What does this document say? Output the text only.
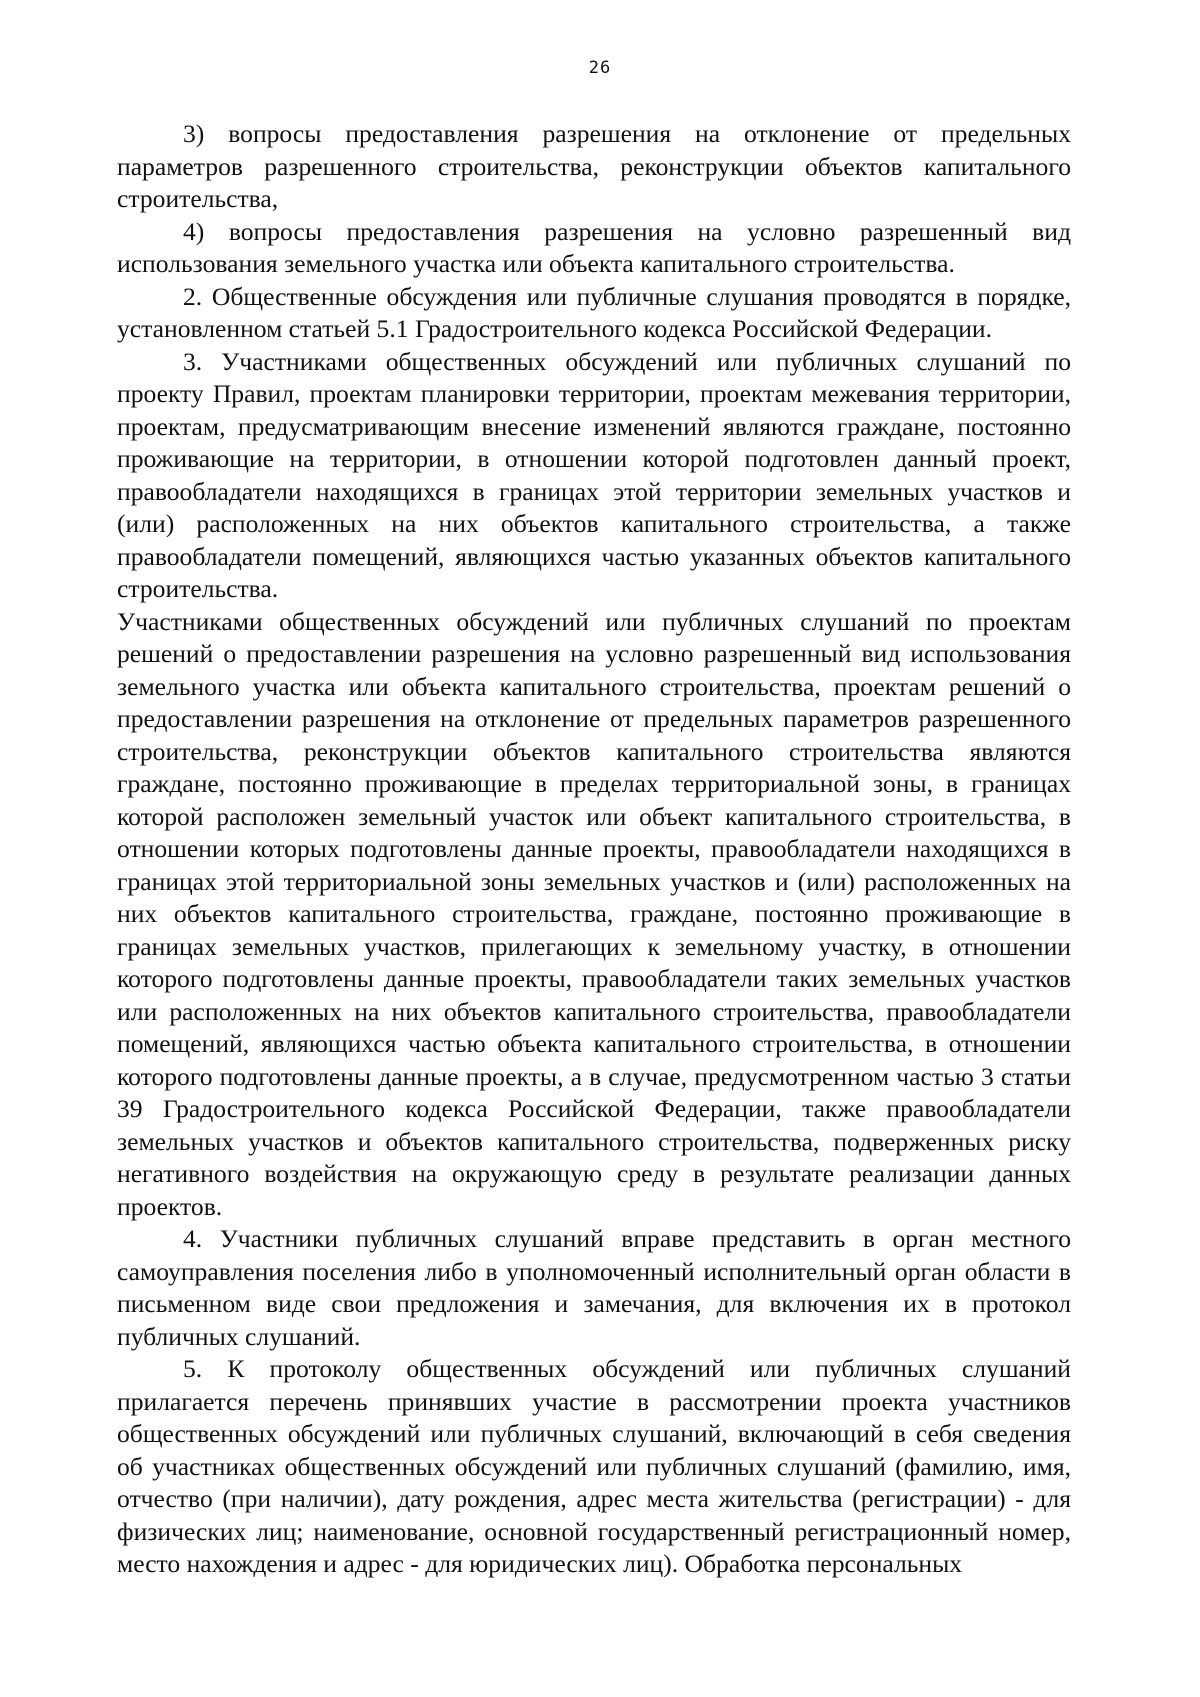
26

3) вопросы предоставления разрешения на отклонение от предельных параметров разрешенного строительства, реконструкции объектов капитального строительства,

4) вопросы предоставления разрешения на условно разрешенный вид использования земельного участка или объекта капитального строительства.

2. Общественные обсуждения или публичные слушания проводятся в порядке, установленном статьей 5.1 Градостроительного кодекса Российской Федерации.

3. Участниками общественных обсуждений или публичных слушаний по проекту Правил, проектам планировки территории, проектам межевания территории, проектам, предусматривающим внесение изменений являются граждане, постоянно проживающие на территории, в отношении которой подготовлен данный проект, правообладатели находящихся в границах этой территории земельных участков и (или) расположенных на них объектов капитального строительства, а также правообладатели помещений, являющихся частью указанных объектов капитального строительства.

Участниками общественных обсуждений или публичных слушаний по проектам решений о предоставлении разрешения на условно разрешенный вид использования земельного участка или объекта капитального строительства, проектам решений о предоставлении разрешения на отклонение от предельных параметров разрешенного строительства, реконструкции объектов капитального строительства являются граждане, постоянно проживающие в пределах территориальной зоны, в границах которой расположен земельный участок или объект капитального строительства, в отношении которых подготовлены данные проекты, правообладатели находящихся в границах этой территориальной зоны земельных участков и (или) расположенных на них объектов капитального строительства, граждане, постоянно проживающие в границах земельных участков, прилегающих к земельному участку, в отношении которого подготовлены данные проекты, правообладатели таких земельных участков или расположенных на них объектов капитального строительства, правообладатели помещений, являющихся частью объекта капитального строительства, в отношении которого подготовлены данные проекты, а в случае, предусмотренном частью 3 статьи 39 Градостроительного кодекса Российской Федерации, также правообладатели земельных участков и объектов капитального строительства, подверженных риску негативного воздействия на окружающую среду в результате реализации данных проектов.

4. Участники публичных слушаний вправе представить в орган местного самоуправления поселения либо в уполномоченный исполнительный орган области в письменном виде свои предложения и замечания, для включения их в протокол публичных слушаний.

5. К протоколу общественных обсуждений или публичных слушаний прилагается перечень принявших участие в рассмотрении проекта участников общественных обсуждений или публичных слушаний, включающий в себя сведения об участниках общественных обсуждений или публичных слушаний (фамилию, имя, отчество (при наличии), дату рождения, адрес места жительства (регистрации) - для физических лиц; наименование, основной государственный регистрационный номер, место нахождения и адрес - для юридических лиц). Обработка персональных
